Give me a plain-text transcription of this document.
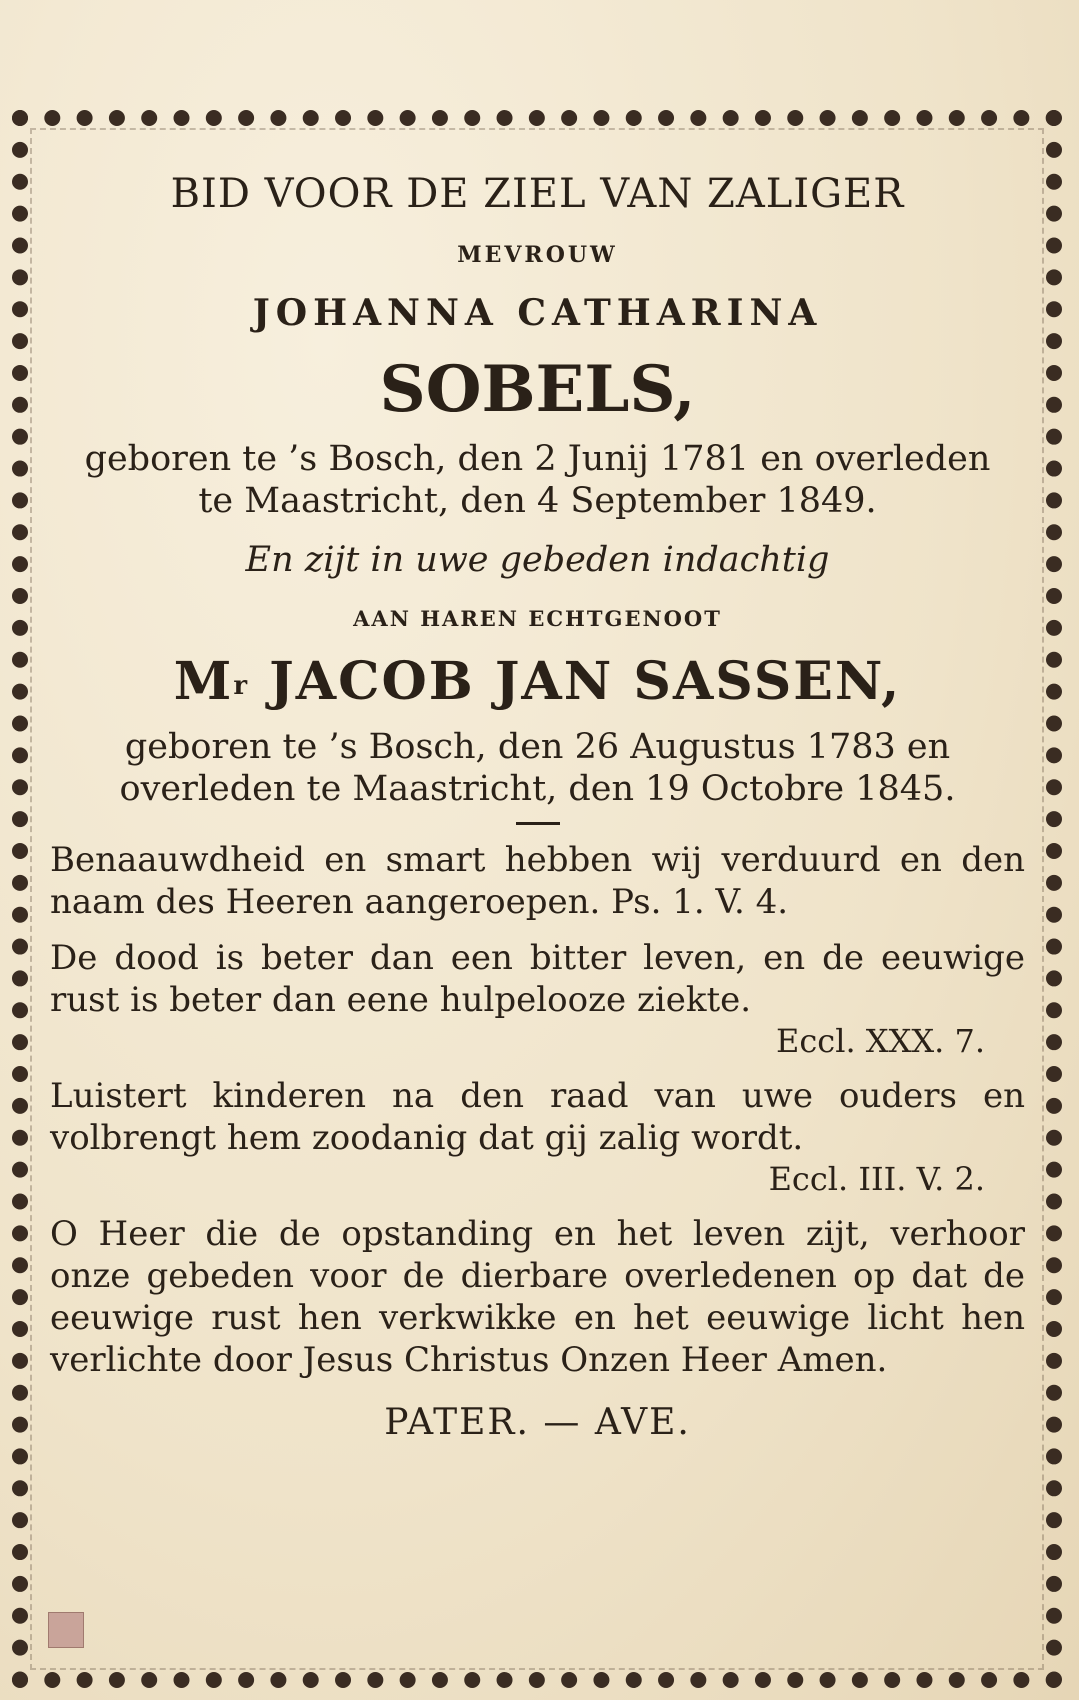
BID VOOR DE ZIEL VAN ZALIGER
MEVROUW
JOHANNA CATHARINA
SOBELS,
geboren te ’s Bosch, den 2 Junij 1781 en overleden
te Maastricht, den 4 September 1849.
En zijt in uwe gebeden indachtig
AAN HAREN ECHTGENOOT
$M^r$ JACOB JAN SASSEN,
geboren te ’s Bosch, den 26 Augustus 1783 en
overleden te Maastricht, den 19 Octobre 1845.
Benaauwdheid en smart hebben wij verduurd en den naam des Heeren aangeroepen. Ps. 1. V. 4.
De dood is beter dan een bitter leven, en de eeuwige rust is beter dan eene hulpelooze ziekte.
Eccl. XXX. 7.
Luistert kinderen na den raad van uwe ouders en volbrengt hem zoodanig dat gij zalig wordt.
Eccl. III. V. 2.
O Heer die de opstanding en het leven zijt, verhoor onze gebeden voor de dierbare overledenen op dat de eeuwige rust hen verkwikke en het eeuwige licht hen verlichte door Jesus Christus Onzen Heer Amen.
PATER. — AVE.
